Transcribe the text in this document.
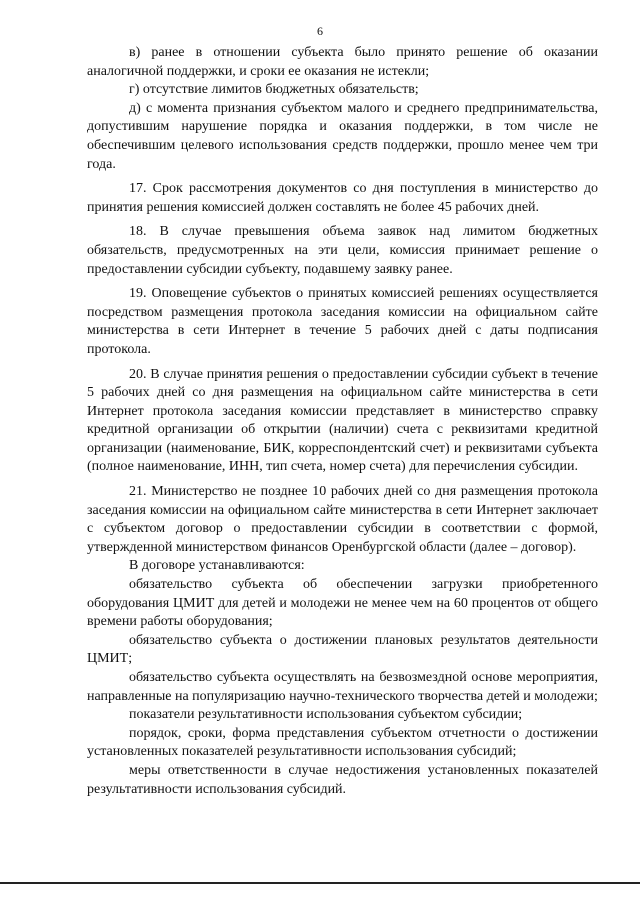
6

в) ранее в отношении субъекта было принято решение об оказании аналогичной поддержки, и сроки ее оказания не истекли;

г) отсутствие лимитов бюджетных обязательств;

д) с момента признания субъектом малого и среднего предпринимательства, допустившим нарушение порядка и оказания поддержки, в том числе не обеспечившим целевого использования средств поддержки, прошло менее чем три года.

17. Срок рассмотрения документов со дня поступления в министерство до принятия решения комиссией должен составлять не более 45 рабочих дней.

18. В случае превышения объема заявок над лимитом бюджетных обязательств, предусмотренных на эти цели, комиссия принимает решение о предоставлении субсидии субъекту, подавшему заявку ранее.

19. Оповещение субъектов о принятых комиссией решениях осуществляется посредством размещения протокола заседания комиссии на официальном сайте министерства в сети Интернет в течение 5 рабочих дней с даты подписания протокола.

20. В случае принятия решения о предоставлении субсидии субъект в течение 5 рабочих дней со дня размещения на официальном сайте министерства в сети Интернет протокола заседания комиссии представляет в министерство справку кредитной организации об открытии (наличии) счета с реквизитами кредитной организации (наименование, БИК, корреспондентский счет) и реквизитами субъекта (полное наименование, ИНН, тип счета, номер счета) для перечисления субсидии.

21. Министерство не позднее 10 рабочих дней со дня размещения протокола заседания комиссии на официальном сайте министерства в сети Интернет заключает с субъектом договор о предоставлении субсидии в соответствии с формой, утвержденной министерством финансов Оренбургской области (далее – договор).

В договоре устанавливаются:

обязательство субъекта об обеспечении загрузки приобретенного оборудования ЦМИТ для детей и молодежи не менее чем на 60 процентов от общего времени работы оборудования;

обязательство субъекта о достижении плановых результатов деятельности ЦМИТ;

обязательство субъекта осуществлять на безвозмездной основе мероприятия, направленные на популяризацию научно-технического творчества детей и молодежи;

показатели результативности использования субъектом субсидии;

порядок, сроки, форма представления субъектом отчетности о достижении установленных показателей результативности использования субсидий;

меры ответственности в случае недостижения установленных показателей результативности использования субсидий.
